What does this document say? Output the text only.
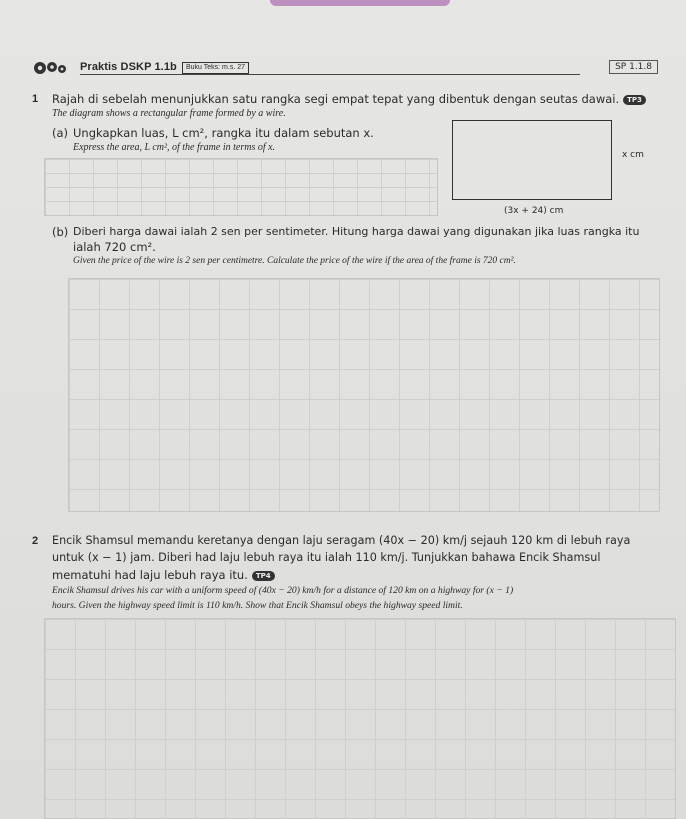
Praktis DSKP 1.1b	Buku Teks: m.s. 27	SP 1.1.8
1 Rajah di sebelah menunjukkan satu rangka segi empat tepat yang dibentuk dengan seutas dawai. TP3
The diagram shows a rectangular frame formed by a wire.
(a) Ungkapkan luas, L cm², rangka itu dalam sebutan x.
Express the area, L cm², of the frame in terms of x.
x cm
(3x + 24) cm
(b) Diberi harga dawai ialah 2 sen per sentimeter. Hitung harga dawai yang digunakan jika luas rangka itu
ialah 720 cm².
Given the price of the wire is 2 sen per centimetre. Calculate the price of the wire if the area of the frame is 720 cm².
2 Encik Shamsul memandu keretanya dengan laju seragam (40x − 20) km/j sejauh 120 km di lebuh raya
untuk (x − 1) jam. Diberi had laju lebuh raya itu ialah 110 km/j. Tunjukkan bahawa Encik Shamsul
mematuhi had laju lebuh raya itu. TP4
Encik Shamsul drives his car with a uniform speed of (40x − 20) km/h for a distance of 120 km on a highway for (x − 1)
hours. Given the highway speed limit is 110 km/h. Show that Encik Shamsul obeys the highway speed limit.
